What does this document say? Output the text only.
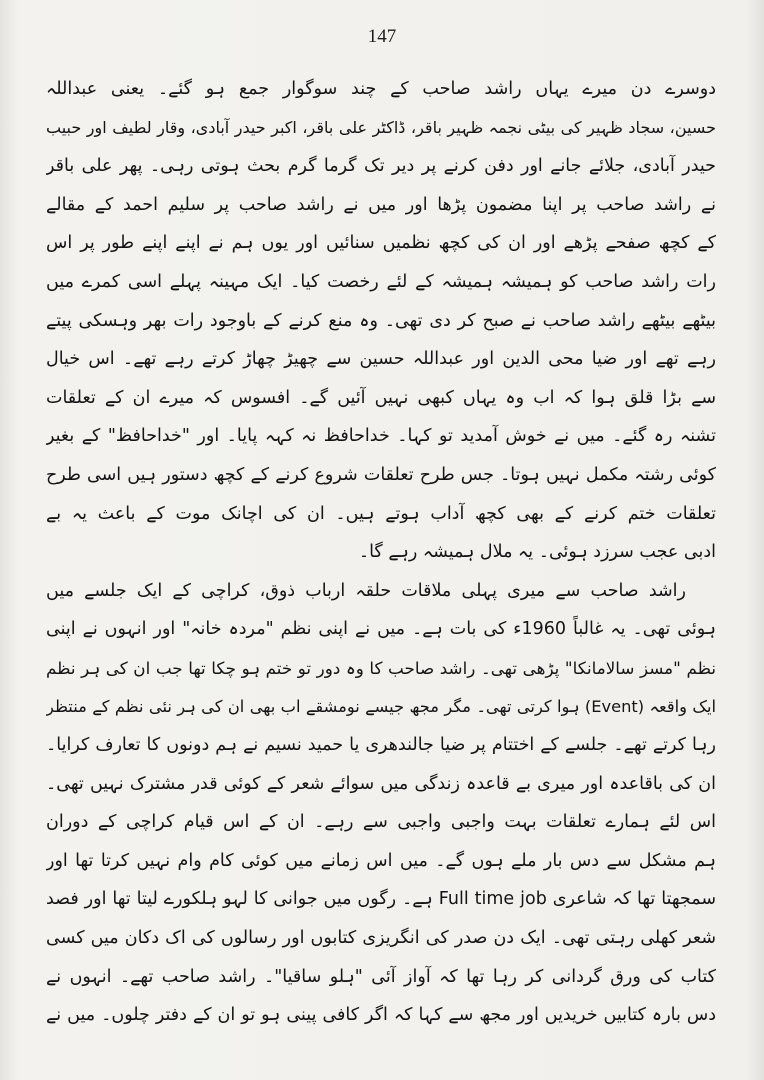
147
دوسرے دن میرے یہاں راشد صاحب کے چند سوگوار جمع ہو گئے۔ یعنی عبداللہ
حسین، سجاد ظہیر کی بیٹی نجمہ ظہیر باقر، ڈاکٹر علی باقر، اکبر حیدر آبادی، وقار لطیف اور حبیب
حیدر آبادی، جلائے جانے اور دفن کرنے پر دیر تک گرما گرم بحث ہوتی رہی۔ پھر علی باقر
نے راشد صاحب پر اپنا مضمون پڑھا اور میں نے راشد صاحب پر سلیم احمد کے مقالے
کے کچھ صفحے پڑھے اور ان کی کچھ نظمیں سنائیں اور یوں ہم نے اپنے اپنے طور پر اس
رات راشد صاحب کو ہمیشہ ہمیشہ کے لئے رخصت کیا۔ ایک مہینہ پہلے اسی کمرے میں
بیٹھے بیٹھے راشد صاحب نے صبح کر دی تھی۔ وہ منع کرنے کے باوجود رات بھر وہسکی پیتے
رہے تھے اور ضیا محی الدین اور عبداللہ حسین سے چھیڑ چھاڑ کرتے رہے تھے۔ اس خیال
سے بڑا قلق ہوا کہ اب وہ یہاں کبھی نہیں آئیں گے۔ افسوس کہ میرے ان کے تعلقات
تشنہ رہ گئے۔ میں نے خوش آمدید تو کہا۔ خداحافظ نہ کہہ پایا۔ اور "خداحافظ" کے بغیر
کوئی رشتہ مکمل نہیں ہوتا۔ جس طرح تعلقات شروع کرنے کے کچھ دستور ہیں اسی طرح
تعلقات ختم کرنے کے بھی کچھ آداب ہوتے ہیں۔ ان کی اچانک موت کے باعث یہ بے
ادبی عجب سرزد ہوئی۔ یہ ملال ہمیشہ رہے گا۔
راشد صاحب سے میری پہلی ملاقات حلقہ ارباب ذوق، کراچی کے ایک جلسے میں
ہوئی تھی۔ یہ غالباً 1960ء کی بات ہے۔ میں نے اپنی نظم "مردہ خانہ" اور انہوں نے اپنی
نظم "مسز سالامانکا" پڑھی تھی۔ راشد صاحب کا وہ دور تو ختم ہو چکا تھا جب ان کی ہر نظم
ایک واقعہ (Event) ہوا کرتی تھی۔ مگر مجھ جیسے نومشقے اب بھی ان کی ہر نئی نظم کے منتظر
رہا کرتے تھے۔ جلسے کے اختتام پر ضیا جالندھری یا حمید نسیم نے ہم دونوں کا تعارف کرایا۔
ان کی باقاعدہ اور میری بے قاعدہ زندگی میں سوائے شعر کے کوئی قدر مشترک نہیں تھی۔
اس لئے ہمارے تعلقات بہت واجبی واجبی سے رہے۔ ان کے اس قیام کراچی کے دوران
ہم مشکل سے دس بار ملے ہوں گے۔ میں اس زمانے میں کوئی کام وام نہیں کرتا تھا اور
سمجھتا تھا کہ شاعری Full time job ہے۔ رگوں میں جوانی کا لہو ہلکورے لیتا تھا اور فصد
شعر کھلی رہتی تھی۔ ایک دن صدر کی انگریزی کتابوں اور رسالوں کی اک دکان میں کسی
کتاب کی ورق گردانی کر رہا تھا کہ آواز آئی "ہلو ساقیا"۔ راشد صاحب تھے۔ انہوں نے
دس بارہ کتابیں خریدیں اور مجھ سے کہا کہ اگر کافی پینی ہو تو ان کے دفتر چلوں۔ میں نے
